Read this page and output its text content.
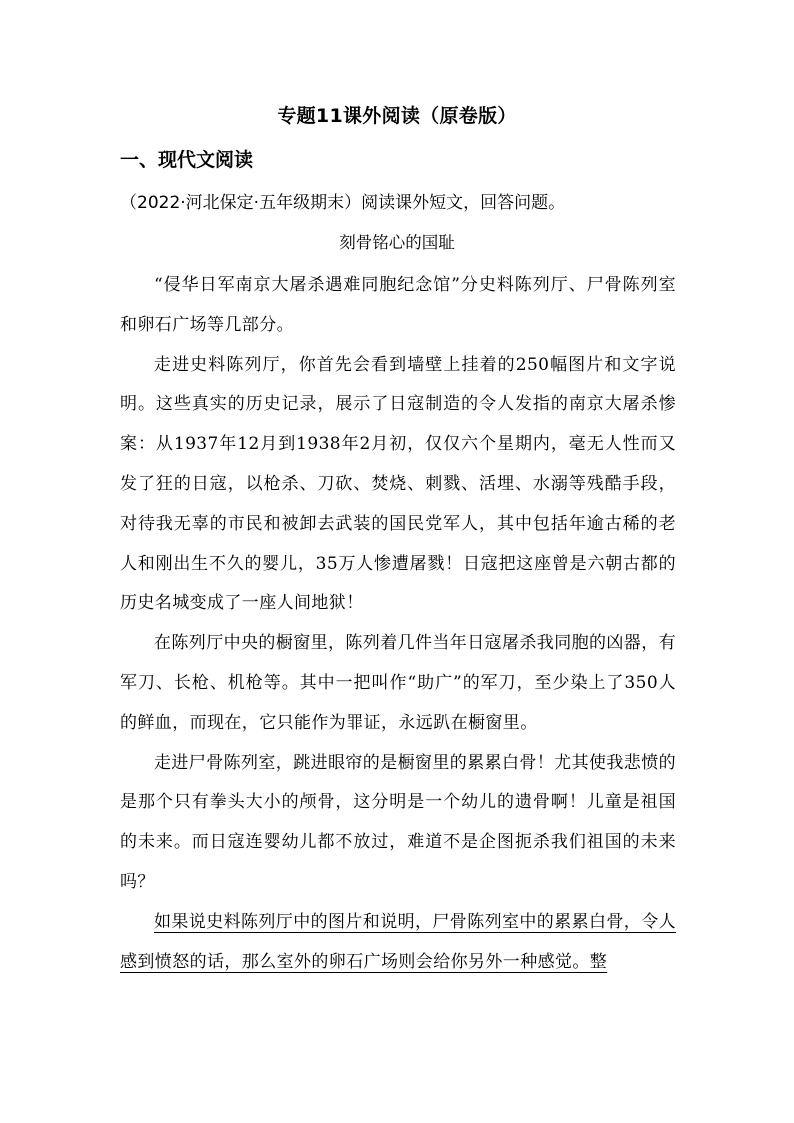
专题11课外阅读（原卷版）
一、现代文阅读
（2022·河北保定·五年级期末）阅读课外短文，回答问题。
刻骨铭心的国耻

“侵华日军南京大屠杀遇难同胞纪念馆”分史料陈列厅、尸骨陈列室和卵石广场等几部分。

走进史料陈列厅，你首先会看到墙壁上挂着的250幅图片和文字说明。这些真实的历史记录，展示了日寇制造的令人发指的南京大屠杀惨案：从1937年12月到1938年2月初，仅仅六个星期内，毫无人性而又发了狂的日寇，以枪杀、刀砍、焚烧、刺戮、活埋、水溺等残酷手段，对待我无辜的市民和被卸去武装的国民党军人，其中包括年逾古稀的老人和刚出生不久的婴儿，35万人惨遭屠戮！日寇把这座曾是六朝古都的历史名城变成了一座人间地狱！

在陈列厅中央的橱窗里，陈列着几件当年日寇屠杀我同胞的凶器，有军刀、长枪、机枪等。其中一把叫作“助广”的军刀，至少染上了350人的鲜血，而现在，它只能作为罪证，永远趴在橱窗里。

走进尸骨陈列室，跳进眼帘的是橱窗里的累累白骨！尤其使我悲愤的是那个只有拳头大小的颅骨，这分明是一个幼儿的遗骨啊！儿童是祖国的未来。而日寇连婴幼儿都不放过，难道不是企图扼杀我们祖国的未来吗？

如果说史料陈列厅中的图片和说明，尸骨陈列室中的累累白骨，令人感到愤怒的话，那么室外的卵石广场则会给你另外一种感觉。整
